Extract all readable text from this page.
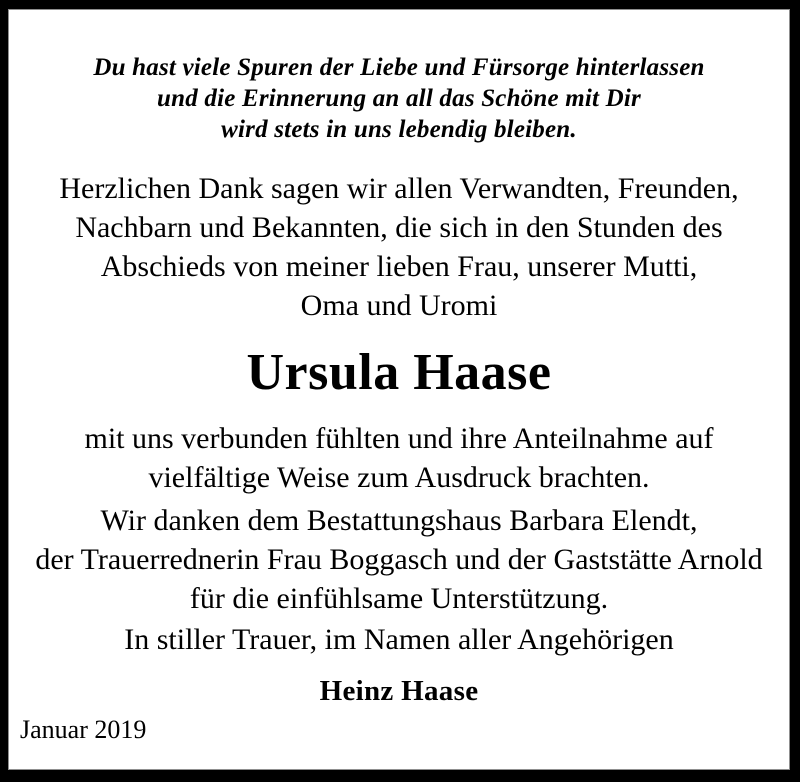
Du hast viele Spuren der Liebe und Fürsorge hinterlassen
und die Erinnerung an all das Schöne mit Dir
wird stets in uns lebendig bleiben.
Herzlichen Dank sagen wir allen Verwandten, Freunden,
Nachbarn und Bekannten, die sich in den Stunden des
Abschieds von meiner lieben Frau, unserer Mutti,
Oma und Uromi
Ursula Haase
mit uns verbunden fühlten und ihre Anteilnahme auf
vielfältige Weise zum Ausdruck brachten.
Wir danken dem Bestattungshaus Barbara Elendt,
der Trauerrednerin Frau Boggasch und der Gaststätte Arnold
für die einfühlsame Unterstützung.
In stiller Trauer, im Namen aller Angehörigen
Heinz Haase
Januar 2019
